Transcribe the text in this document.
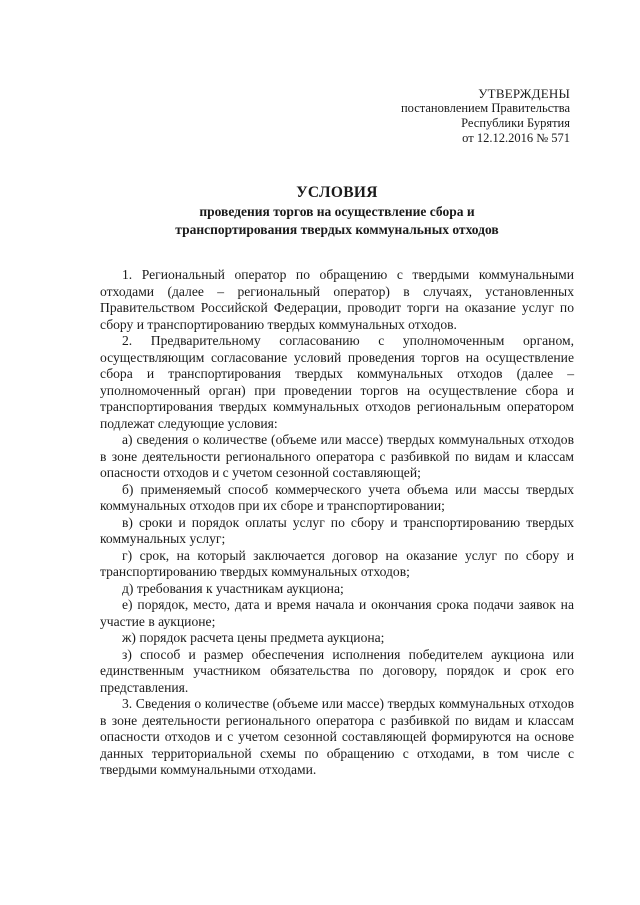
УТВЕРЖДЕНЫ
постановлением Правительства
Республики Бурятия
от 12.12.2016 № 571
УСЛОВИЯ
проведения торгов на осуществление сбора и
транспортирования твердых коммунальных отходов

1. Региональный оператор по обращению с твердыми коммунальными отходами (далее – региональный оператор) в случаях, установленных Правительством Российской Федерации, проводит торги на оказание услуг по сбору и транспортированию твердых коммунальных отходов.

2. Предварительному согласованию с уполномоченным органом, осуществляющим согласование условий проведения торгов на осуществление сбора и транспортирования твердых коммунальных отходов (далее – уполномоченный орган) при проведении торгов на осуществление сбора и транспортирования твердых коммунальных отходов региональным оператором подлежат следующие условия:

а) сведения о количестве (объеме или массе) твердых коммунальных отходов в зоне деятельности регионального оператора с разбивкой по видам и классам опасности отходов и с учетом сезонной составляющей;

б) применяемый способ коммерческого учета объема или массы твердых коммунальных отходов при их сборе и транспортировании;

в) сроки и порядок оплаты услуг по сбору и транспортированию твердых коммунальных услуг;

г) срок, на который заключается договор на оказание услуг по сбору и транспортированию твердых коммунальных отходов;

д) требования к участникам аукциона;

е) порядок, место, дата и время начала и окончания срока подачи заявок на участие в аукционе;

ж) порядок расчета цены предмета аукциона;

з) способ и размер обеспечения исполнения победителем аукциона или единственным участником обязательства по договору, порядок и срок его представления.

3. Сведения о количестве (объеме или массе) твердых коммунальных отходов в зоне деятельности регионального оператора с разбивкой по видам и классам опасности отходов и с учетом сезонной составляющей формируются на основе данных территориальной схемы по обращению с отходами, в том числе с твердыми коммунальными отходами.
